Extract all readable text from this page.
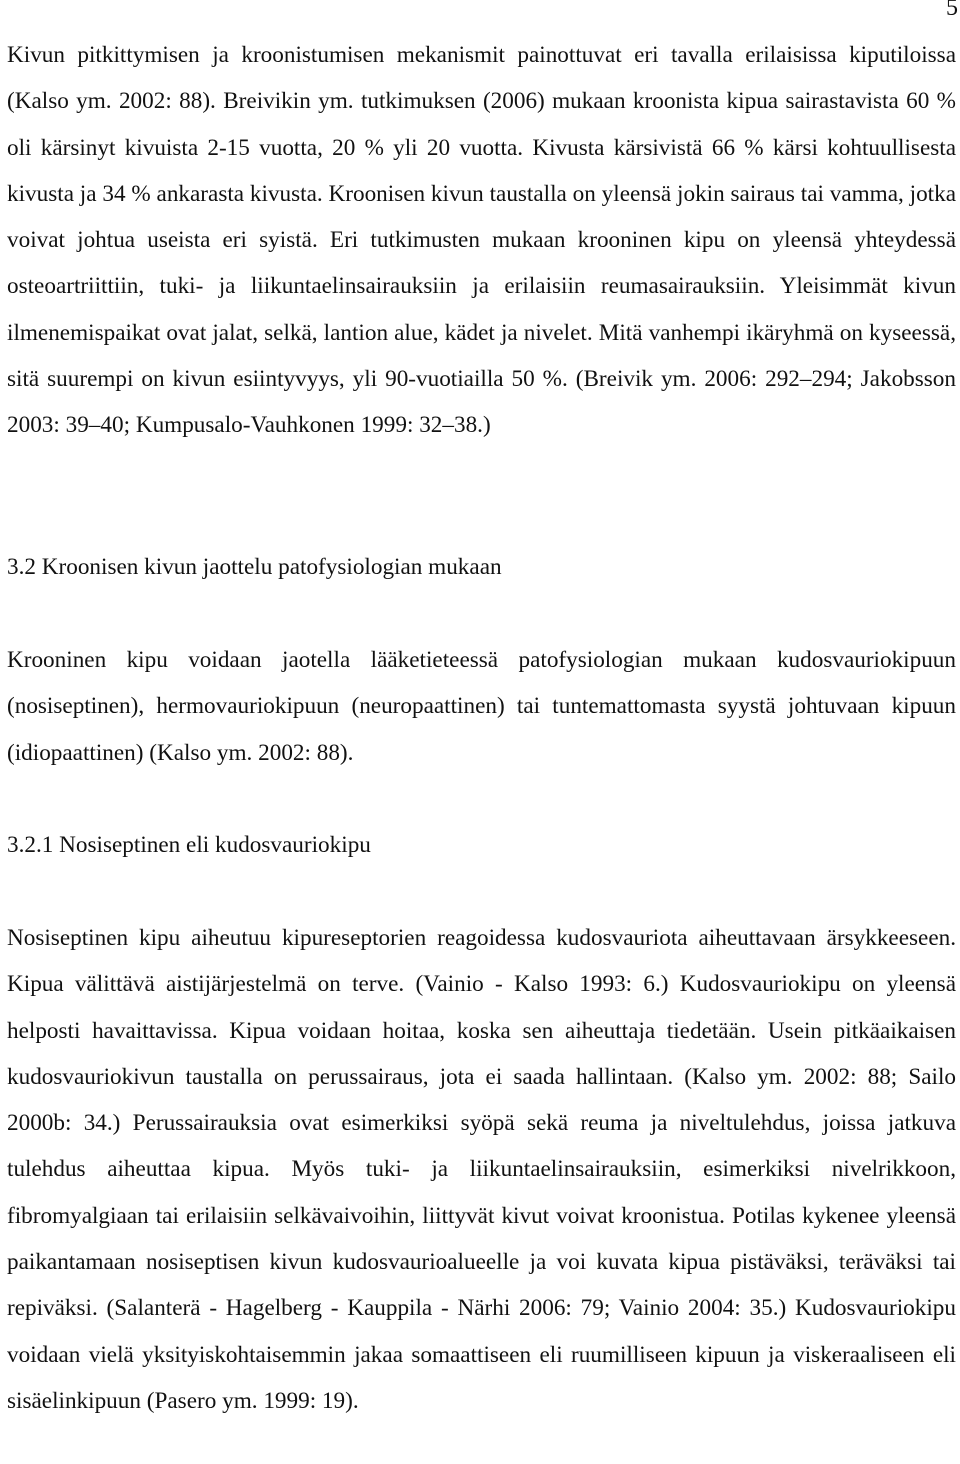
5

Kivun pitkittymisen ja kroonistumisen mekanismit painottuvat eri tavalla erilaisissa kiputiloissa (Kalso ym. 2002: 88). Breivikin ym. tutkimuksen (2006) mukaan kroonista kipua sairastavista 60 % oli kärsinyt kivuista 2-15 vuotta, 20 % yli 20 vuotta. Kivusta kärsivistä 66 % kärsi kohtuullisesta kivusta ja 34 % ankarasta kivusta. Kroonisen kivun taustalla on yleensä jokin sairaus tai vamma, jotka voivat johtua useista eri syistä. Eri tutkimusten mukaan krooninen kipu on yleensä yhteydessä osteoartriittiin, tuki- ja liikuntaelinsairauksiin ja erilaisiin reumasairauksiin. Yleisimmät kivun ilmenemispaikat ovat jalat, selkä, lantion alue, kädet ja nivelet. Mitä vanhempi ikäryhmä on kyseessä, sitä suurempi on kivun esiintyvyys, yli 90-vuotiailla 50 %. (Breivik ym. 2006: 292–294; Jakobsson 2003: 39–40; Kumpusalo-Vauhkonen 1999: 32–38.)

3.2 Kroonisen kivun jaottelu patofysiologian mukaan

Krooninen kipu voidaan jaotella lääketieteessä patofysiologian mukaan kudosvauriokipuun (nosiseptinen), hermovauriokipuun (neuropaattinen) tai tuntemattomasta syystä johtuvaan kipuun (idiopaattinen) (Kalso ym. 2002: 88).

3.2.1 Nosiseptinen eli kudosvauriokipu

Nosiseptinen kipu aiheutuu kipureseptorien reagoidessa kudosvauriota aiheuttavaan ärsykkeeseen. Kipua välittävä aistijärjestelmä on terve. (Vainio - Kalso 1993: 6.) Kudosvauriokipu on yleensä helposti havaittavissa. Kipua voidaan hoitaa, koska sen aiheuttaja tiedetään. Usein pitkäaikaisen kudosvauriokivun taustalla on perussairaus, jota ei saada hallintaan. (Kalso ym. 2002: 88; Sailo 2000b: 34.) Perussairauksia ovat esimerkiksi syöpä sekä reuma ja niveltulehdus, joissa jatkuva tulehdus aiheuttaa kipua. Myös tuki- ja liikuntaelinsairauksiin, esimerkiksi nivelrikkoon, fibromyalgiaan tai erilaisiin selkävaivoihin, liittyvät kivut voivat kroonistua. Potilas kykenee yleensä paikantamaan nosiseptisen kivun kudosvaurioalueelle ja voi kuvata kipua pistäväksi, teräväksi tai repiväksi. (Salanterä - Hagelberg - Kauppila - Närhi 2006: 79; Vainio 2004: 35.) Kudosvauriokipu voidaan vielä yksityiskohtaisemmin jakaa somaattiseen eli ruumilliseen kipuun ja viskeraaliseen eli sisäelinkipuun (Pasero ym. 1999: 19).
